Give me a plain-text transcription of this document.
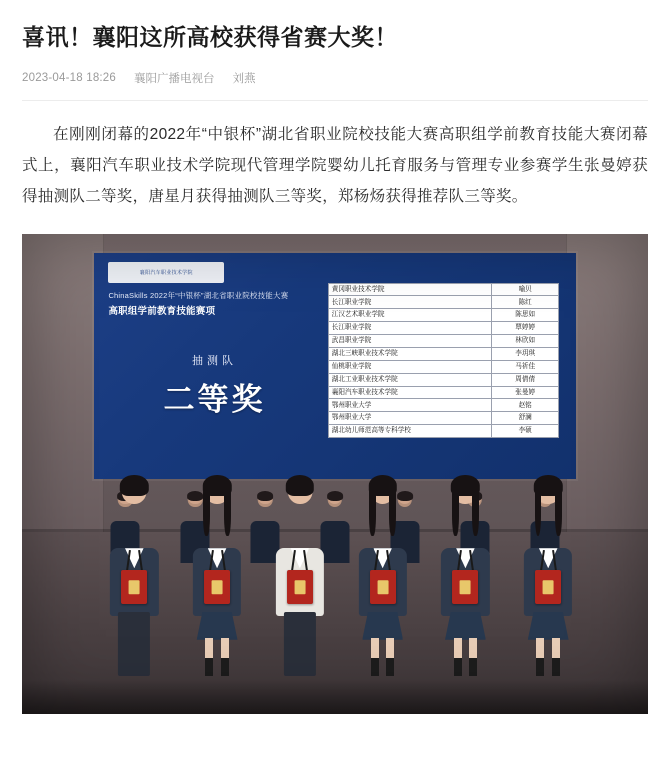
喜讯！襄阳这所高校获得省赛大奖！
2023-04-18 18:26 襄阳广播电视台 刘燕

在刚刚闭幕的2022年“中银杯”湖北省职业院校技能大赛高职组学前教育技能大赛闭幕式上，襄阳汽车职业技术学院现代管理学院婴幼儿托育服务与管理专业参赛学生张曼婷获得抽测队二等奖，唐星月获得抽测队三等奖，郑杨炀获得推荐队三等奖。

襄阳汽车职业技术学院
ChinaSkills 2022年“中银杯”湖北省职业院校技能大赛
高职组学前教育技能赛项
抽测队
二等奖
黄冈职业技术学院	喻贝
长江职业学院	陈红
江汉艺术职业学院	陈思如
长江职业学院	覃婷婷
武昌职业学院	林欣如
湖北三峡职业技术学院	李玥琪
仙桃职业学院	马祈佳
湖北工业职业技术学院	周倩倩
襄阳汽车职业技术学院	张曼婷
鄂州职业大学	赵铭
鄂州职业大学	舒澜
湖北幼儿师范高等专科学校	李硕
